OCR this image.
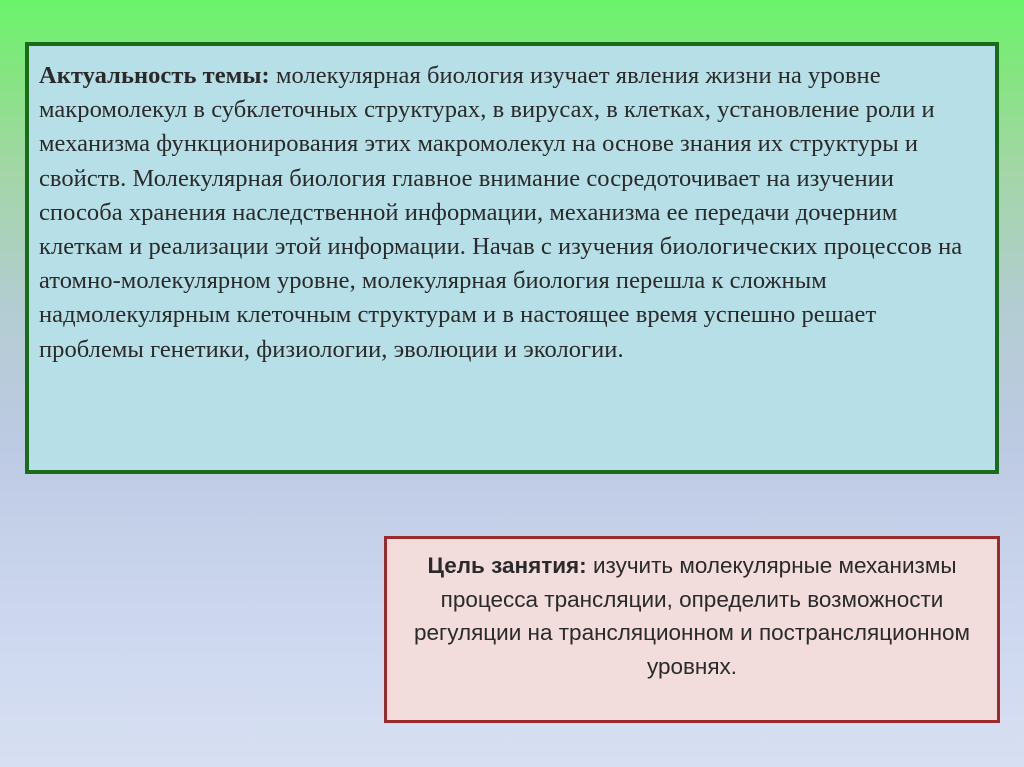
Актуальность темы: молекулярная биология изучает явления жизни на уровне макромолекул в субклеточных структурах, в вирусах, в клетках, установление роли и механизма функционирования этих макромолекул на основе знания их структуры и свойств. Молекулярная биология главное внимание сосредоточивает на изучении способа хранения наследственной информации, механизма ее передачи дочерним клеткам и реализации этой информации. Начав с изучения биологических процессов на атомно-молекулярном уровне, молекулярная биология перешла к сложным надмолекулярным клеточным структурам и в настоящее время успешно решает проблемы генетики, физиологии, эволюции и экологии.

Цель занятия: изучить молекулярные механизмы процесса трансляции, определить возможности регуляции на трансляционном и пострансляционном уровнях.
